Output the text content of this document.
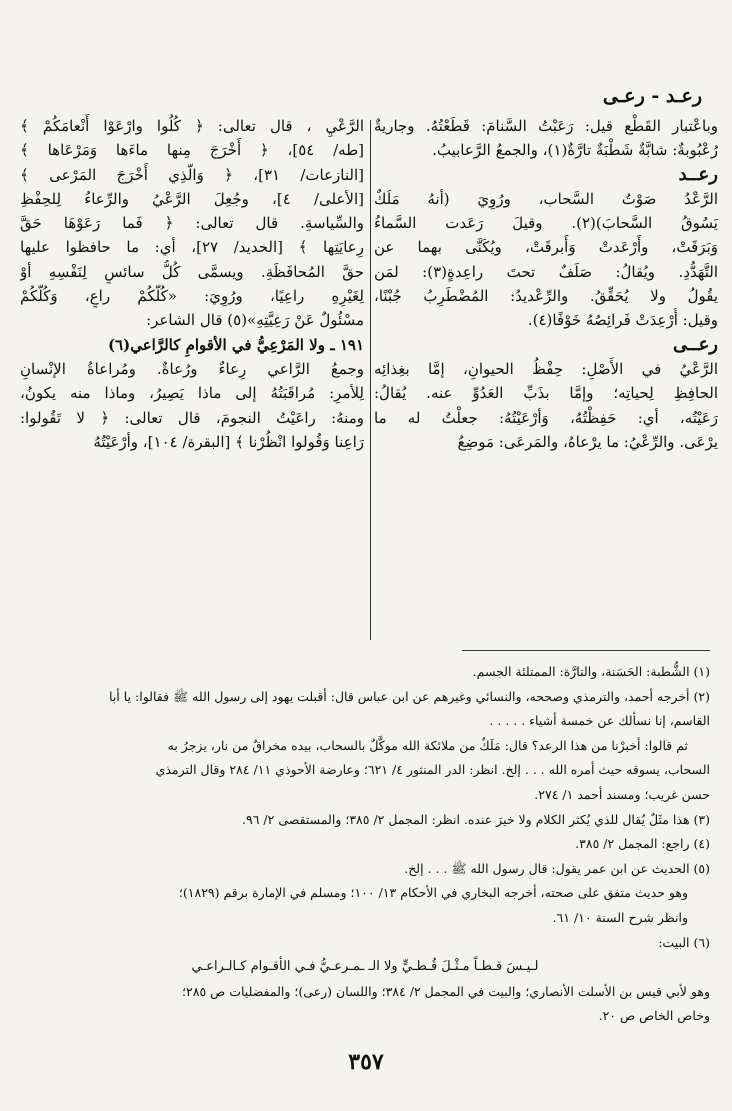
رعـد - رعـى
وباعْتبار القَطْع قيل: رَعَبْتُ السَّنامَ: قَطَعْتُهُ. وجاريةٌ
رُعْبُوبةٌ: شابَّةٌ شَطْبَةٌ تارَّةٌ(١)، والجمعُ الرَّعابيبُ.
رعــد
الرَّعْدُ صَوْتُ السَّحاب، ورُوِيَ (أنهُ مَلَكٌ
يَسُوقُ السَّحابَ)(٢). وقيلَ رَعَدت السَّماءُ
وَبَرَقَتْ، وأَرْعَدتْ وَأَبرقَتْ، ويُكَنَّى بهما عن
التَّهَدُّدِ. ويُقالُ: صَلَفٌ تحتَ راعِدةٍ(٣): لمَن
يقُولُ ولا يُحَقِّقُ. والرِّعْديدُ: المُضْطَرِبُ جُبْنًا،
وقيل: أُرْعِدَتْ فَرائِصُهُ خَوْفًا(٤).
رعــى
الرَّعْيُ في الأَصْلِ: حِفْظُ الحيوانِ، إمَّا بغِذائِه
الحافِظِ لِحياتِه؛ وإمَّا بذَبِّ العَدُوِّ عنه. يُقالُ:
رَعَيْتُه، أي: حَفِظْتُهُ، وَأرْعَيْتُهُ: جعلْتُ له ما
يرْعَى. والرِّعْيُ: ما يرْعاهُ، والمَرعَى: مَوضِعُ
الرَّعْيِ ، قال تعالى: ﴿ كُلُوا وارْعَوْا أَنْعامَكُمْ ﴾
[طه/ ٥٤]، ﴿ أَخْرَجَ مِنها ماءَها وَمَرْعَاها ﴾
[النازعات/ ٣١]، ﴿ وَالَّذِي أَخْرَجَ المَرْعى ﴾
[الأعلى/ ٤]، وجُعِلَ الرَّعْيُ والرِّعاءُ لِلحِفْظِ
والسِّياسةِ. قال تعالى: ﴿ فَما رَعَوْهَا حَقَّ
رِعايَتِها ﴾ [الحديد/ ٢٧]، أي: ما حافظوا عليها
حقَّ المُحافَظَةِ. ويسمَّى كُلُّ سائسٍ لِنَفْسِهِ أوْ
لِغَيْرِهِ راعِيًا، ورُوِيَ: «كُلُّكُمْ راعٍ، وَكُلُّكُمْ
مسْئُولٌ عَنْ رَعِيَّتِهِ»(٥) قال الشاعر:
١٩١ ـ ولا المَرْعِيُّ في الأقوامِ كالرَّاعي(٦)
وجمعُ الرَّاعي رِعاءٌ ورُعاةٌ. ومُراعاةُ الإنْسانِ
لِلأمرِ: مُراقَبَتُهُ إلى ماذا يَصِيرُ، وماذا منه يكونُ،
ومنهُ: راعَيْتُ النجومَ، قال تعالى: ﴿ لا تَقُولوا:
رَاعِنا وَقُولوا انْظُرْنا ﴾ [البقرة/ ١٠٤]، وأرْعَيْتُهُ
(١) الشُّطبة: الحَسَنة، والتارَّة: الممتلئة الجسم.
(٢) أخرجه أحمد، والترمذي وصححه، والنسائي وغيرهم عن ابن عباس قال: أقبلت يهود إلى رسول الله ﷺ فقالوا: يا أبا
القاسم، إنا نسألك عن خمسة أشياء . . . . .
ثم قالوا: أخبرْنا من هذا الرعد؟ قال: مَلَكٌ من ملائكة الله موكَّلٌ بالسحاب، بيده مخراقٌ من نار، يزجرُ به
السحاب، يسوقه حيث أمره الله . . . إلخ. انظر: الدر المنثور ٤/ ٦٢١؛ وعارضة الأحوذي ١١/ ٢٨٤ وقال الترمذي
حسن غريب؛ ومسند أحمد ١/ ٢٧٤.
(٣) هذا مثَلٌ يُقال للذي يُكثر الكلام ولا خيرَ عنده. انظر: المجمل ٢/ ٣٨٥؛ والمستقصى ٢/ ٩٦.
(٤) راجع: المجمل ٢/ ٣٨٥.
(٥) الحديث عن ابن عمر يقول: قال رسول الله ﷺ . . . إلخ.
وهو حديث متفق على صحته، أخرجه البخاري في الأحكام ١٣/ ١٠٠؛ ومسلم في الإمارة برقم (١٨٢٩)؛
وانظر شرح السنة ١٠/ ٦١.
(٦) البيت:
لـيـسَ قـطـاً مـثْـلَ قُـطـيٍّ ولا الـ ـمـرعـيُّ فـي الأقـوام كـالـراعـي
وهو لأبي قيس بن الأسلت الأنصاري؛ والبيت في المجمل ٢/ ٣٨٤؛ واللسان (رعى)؛ والمفضليات ص ٢٨٥؛
وخاص الخاص ص ٢٠.
٣٥٧
